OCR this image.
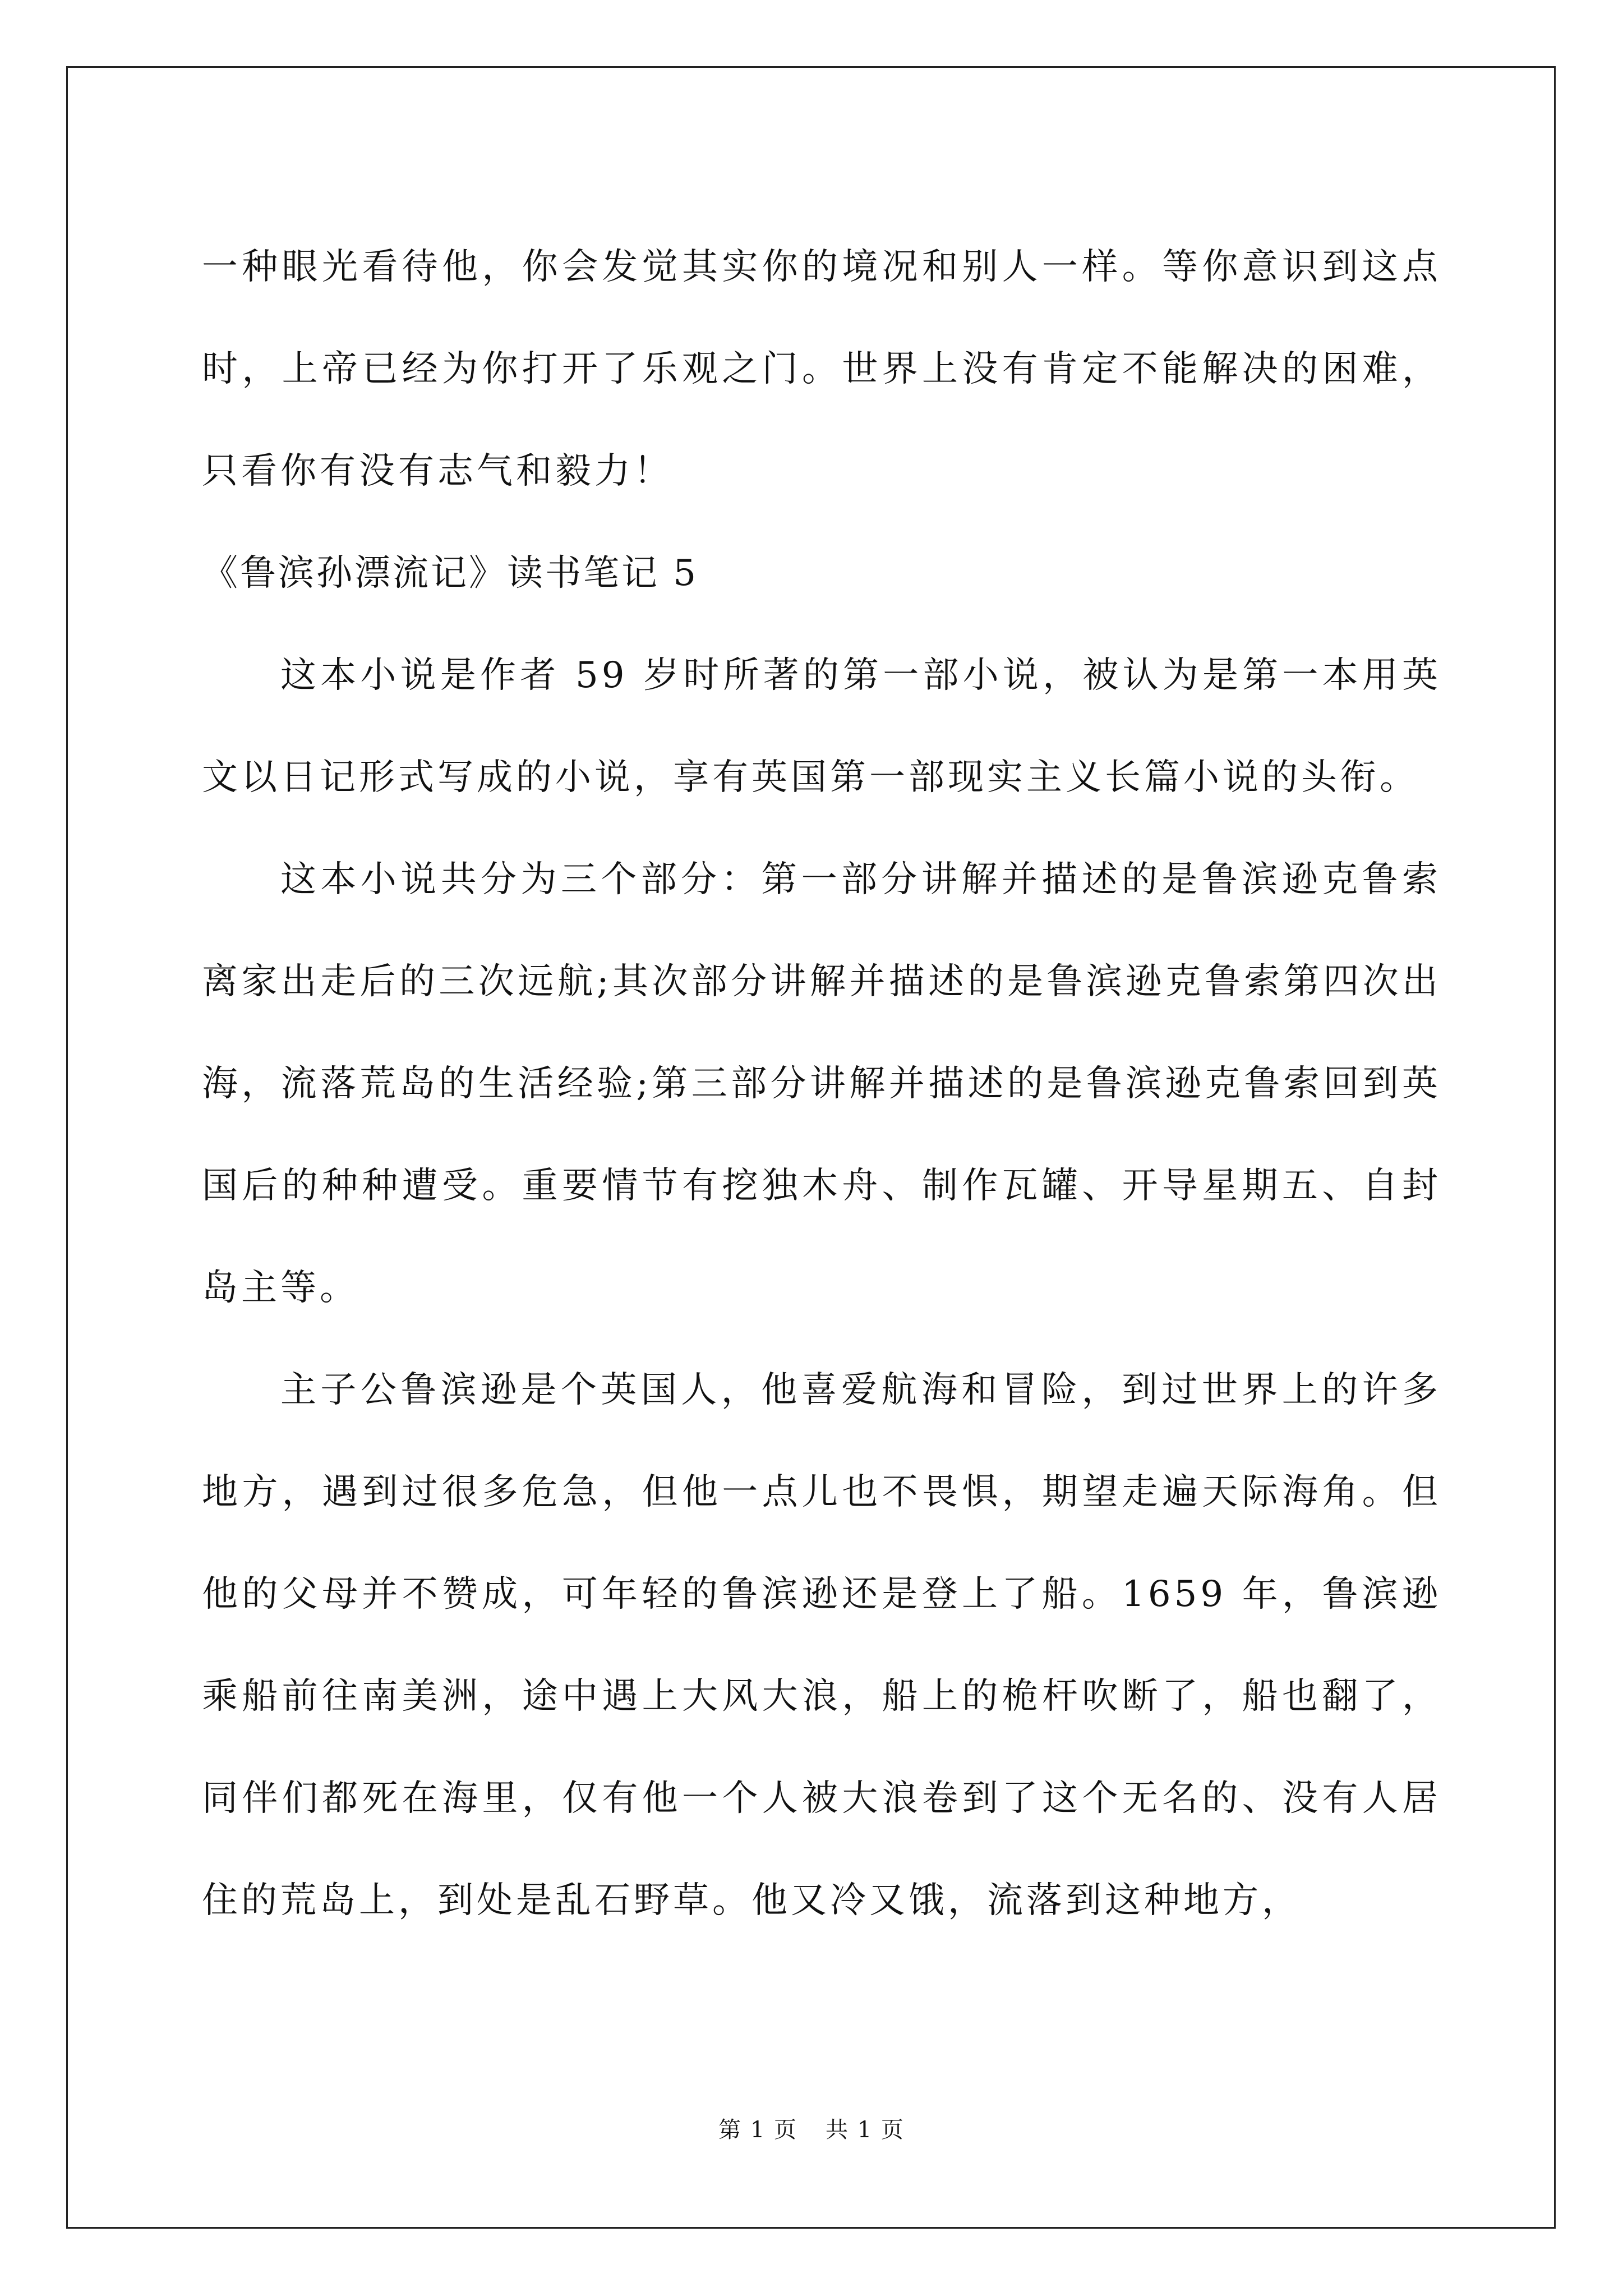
一种眼光看待他，你会发觉其实你的境况和别人一样。等你意识到这点时，上帝已经为你打开了乐观之门。世界上没有肯定不能解决的困难，只看你有没有志气和毅力！

《鲁滨孙漂流记》读书笔记 5

这本小说是作者 59 岁时所著的第一部小说，被认为是第一本用英文以日记形式写成的小说，享有英国第一部现实主义长篇小说的头衔。

这本小说共分为三个部分：第一部分讲解并描述的是鲁滨逊克鲁索离家出走后的三次远航;其次部分讲解并描述的是鲁滨逊克鲁索第四次出海，流落荒岛的生活经验;第三部分讲解并描述的是鲁滨逊克鲁索回到英国后的种种遭受。重要情节有挖独木舟、制作瓦罐、开导星期五、自封岛主等。

主子公鲁滨逊是个英国人，他喜爱航海和冒险，到过世界上的许多地方，遇到过很多危急，但他一点儿也不畏惧，期望走遍天际海角。但他的父母并不赞成，可年轻的鲁滨逊还是登上了船。1659 年，鲁滨逊乘船前往南美洲，途中遇上大风大浪，船上的桅杆吹断了，船也翻了，同伴们都死在海里，仅有他一个人被大浪卷到了这个无名的、没有人居住的荒岛上，到处是乱石野草。他又冷又饿，流落到这种地方，

第 1 页 共 1 页
